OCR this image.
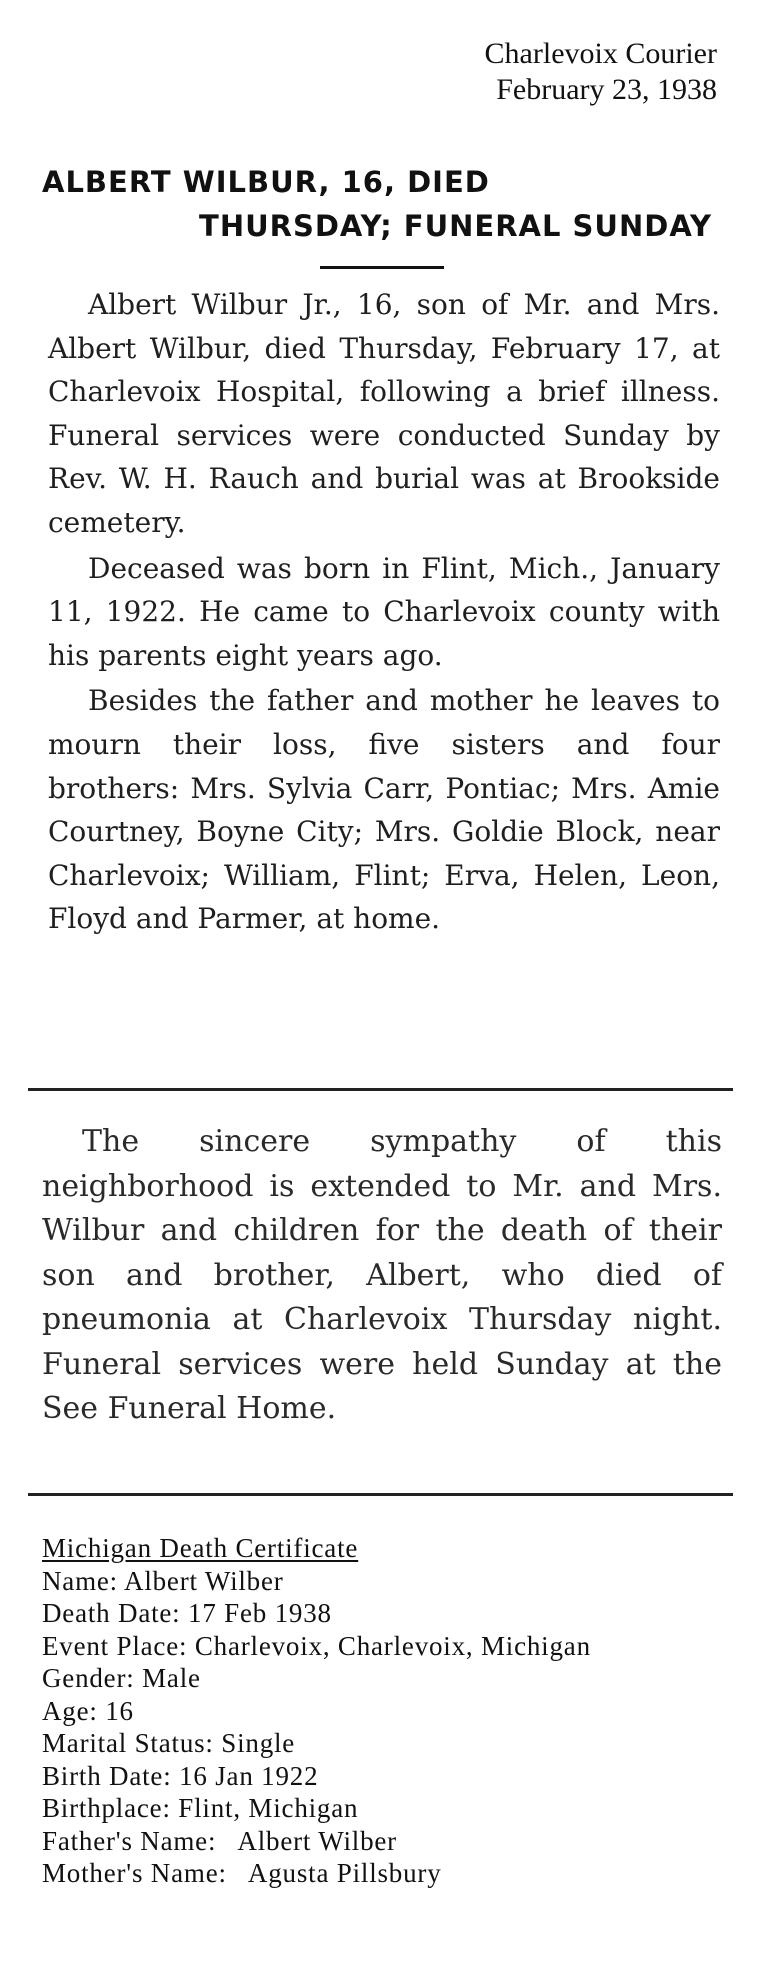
Charlevoix Courier
February 23, 1938
ALBERT WILBUR, 16, DIED
THURSDAY; FUNERAL SUNDAY

Albert Wilbur Jr., 16, son of Mr. and Mrs. Albert Wilbur, died Thursday, February 17, at Charlevoix Hospital, following a brief illness. Funeral services were conducted Sunday by Rev. W. H. Rauch and burial was at Brookside cemetery.

Deceased was born in Flint, Mich., January 11, 1922. He came to Charlevoix county with his parents eight years ago.

Besides the father and mother he leaves to mourn their loss, five sisters and four brothers: Mrs. Sylvia Carr, Pontiac; Mrs. Amie Courtney, Boyne City; Mrs. Goldie Block, near Charlevoix; William, Flint; Erva, Helen, Leon, Floyd and Parmer, at home.

The sincere sympathy of this neighborhood is extended to Mr. and Mrs. Wilbur and children for the death of their son and brother, Albert, who died of pneumonia at Charlevoix Thursday night. Funeral services were held Sunday at the See Funeral Home.

Michigan Death Certificate
Name: Albert Wilber
Death Date: 17 Feb 1938
Event Place: Charlevoix, Charlevoix, Michigan
Gender: Male
Age: 16
Marital Status: Single
Birth Date: 16 Jan 1922
Birthplace: Flint, Michigan
Father's Name:   Albert Wilber
Mother's Name:   Agusta Pillsbury
